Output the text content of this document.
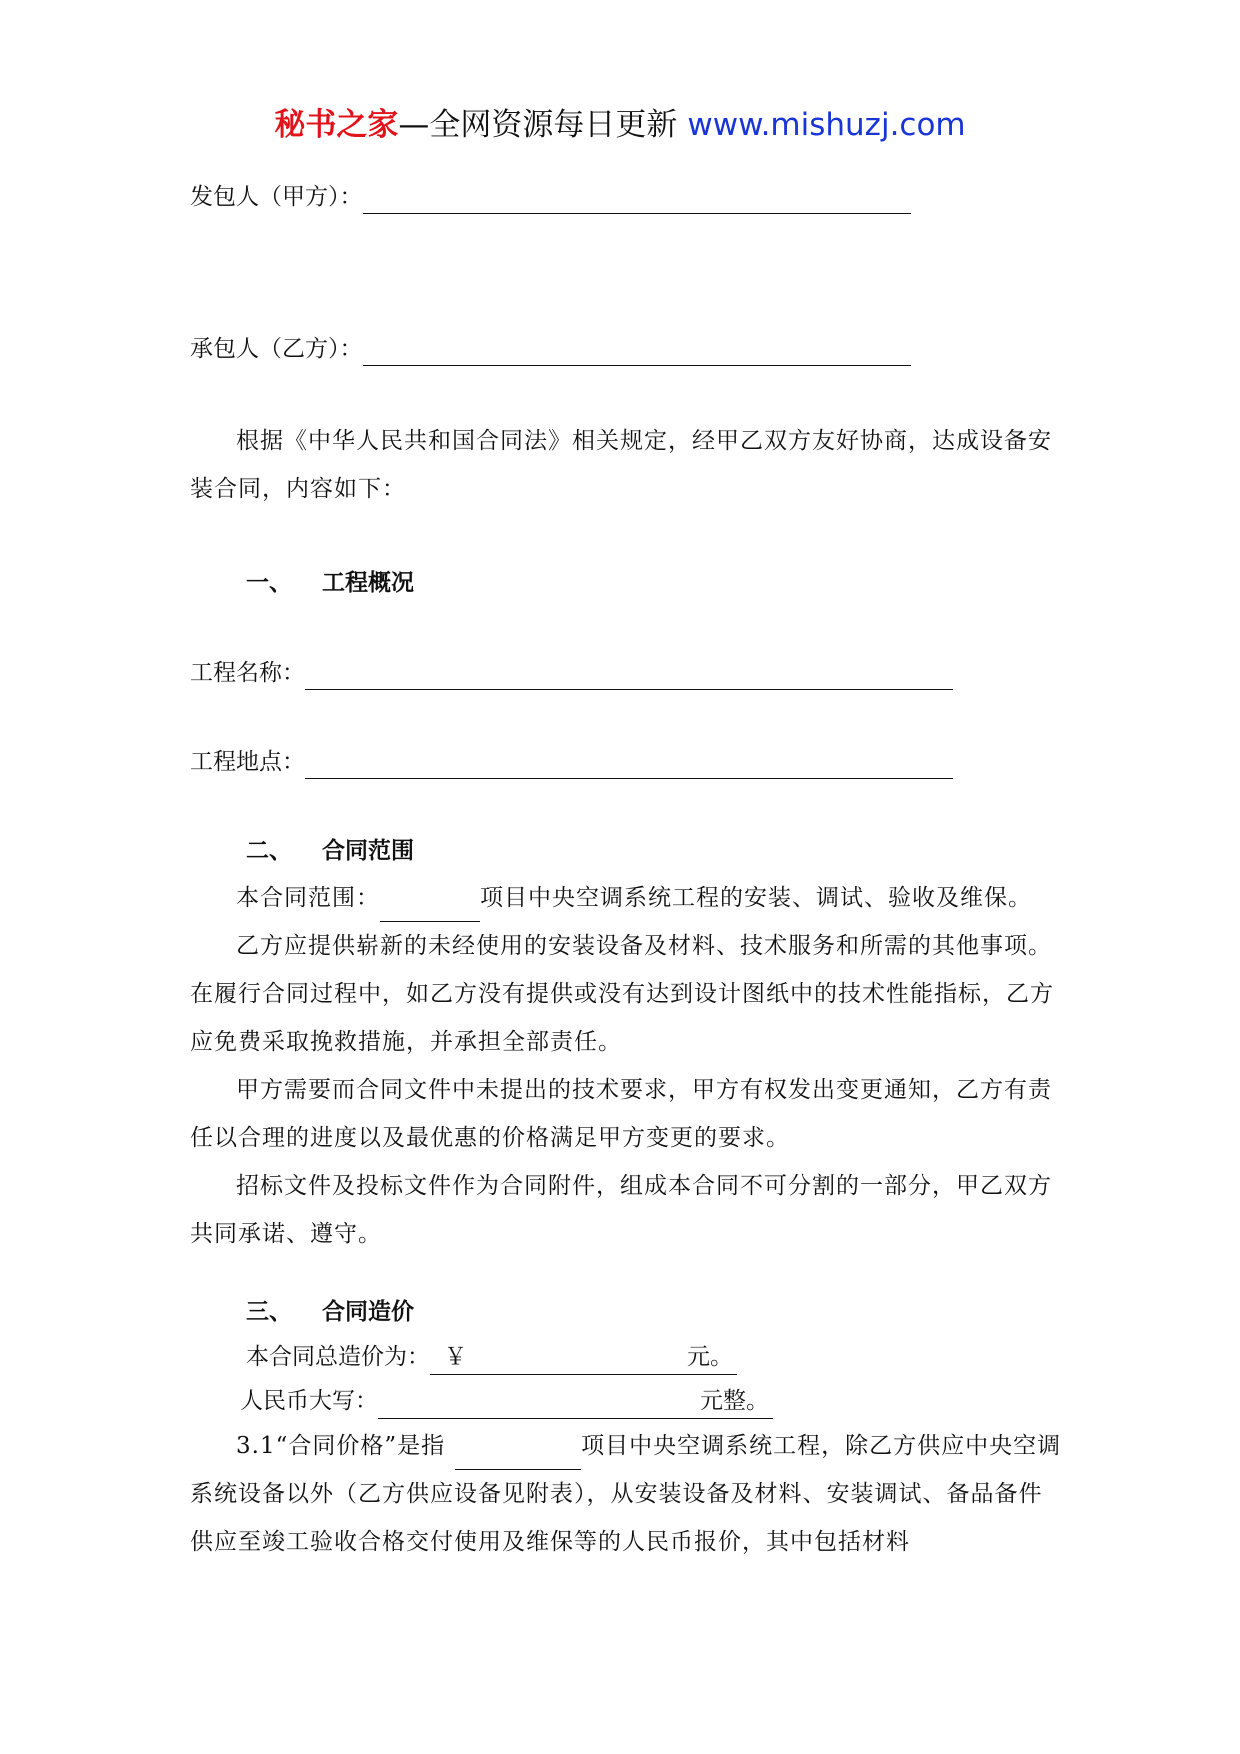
秘书之家—全网资源每日更新 www.mishuzj.com
发包人（甲方）：
承包人（乙方）：

根据《中华人民共和国合同法》相关规定，经甲乙双方友好协商，达成设备安装合同，内容如下：

一、 工程概况
工程名称：
工程地点：
二、 合同范围

本合同范围：	项目中央空调系统工程的安装、调试、验收及维保。

乙方应提供崭新的未经使用的安装设备及材料、技术服务和所需的其他事项。在履行合同过程中，如乙方没有提供或没有达到设计图纸中的技术性能指标，乙方应免费采取挽救措施，并承担全部责任。

甲方需要而合同文件中未提出的技术要求，甲方有权发出变更通知，乙方有责任以合理的进度以及最优惠的价格满足甲方变更的要求。

招标文件及投标文件作为合同附件，组成本合同不可分割的一部分，甲乙双方共同承诺、遵守。

三、 合同造价
本合同总造价为： ￥	元。
人民币大写：	元整。

3.1“合同价格”是指	项目中央空调系统工程，除乙方供应中央空调系统设备以外（乙方供应设备见附表），从安装设备及材料、安装调试、备品备件供应至竣工验收合格交付使用及维保等的人民币报价，其中包括材料
